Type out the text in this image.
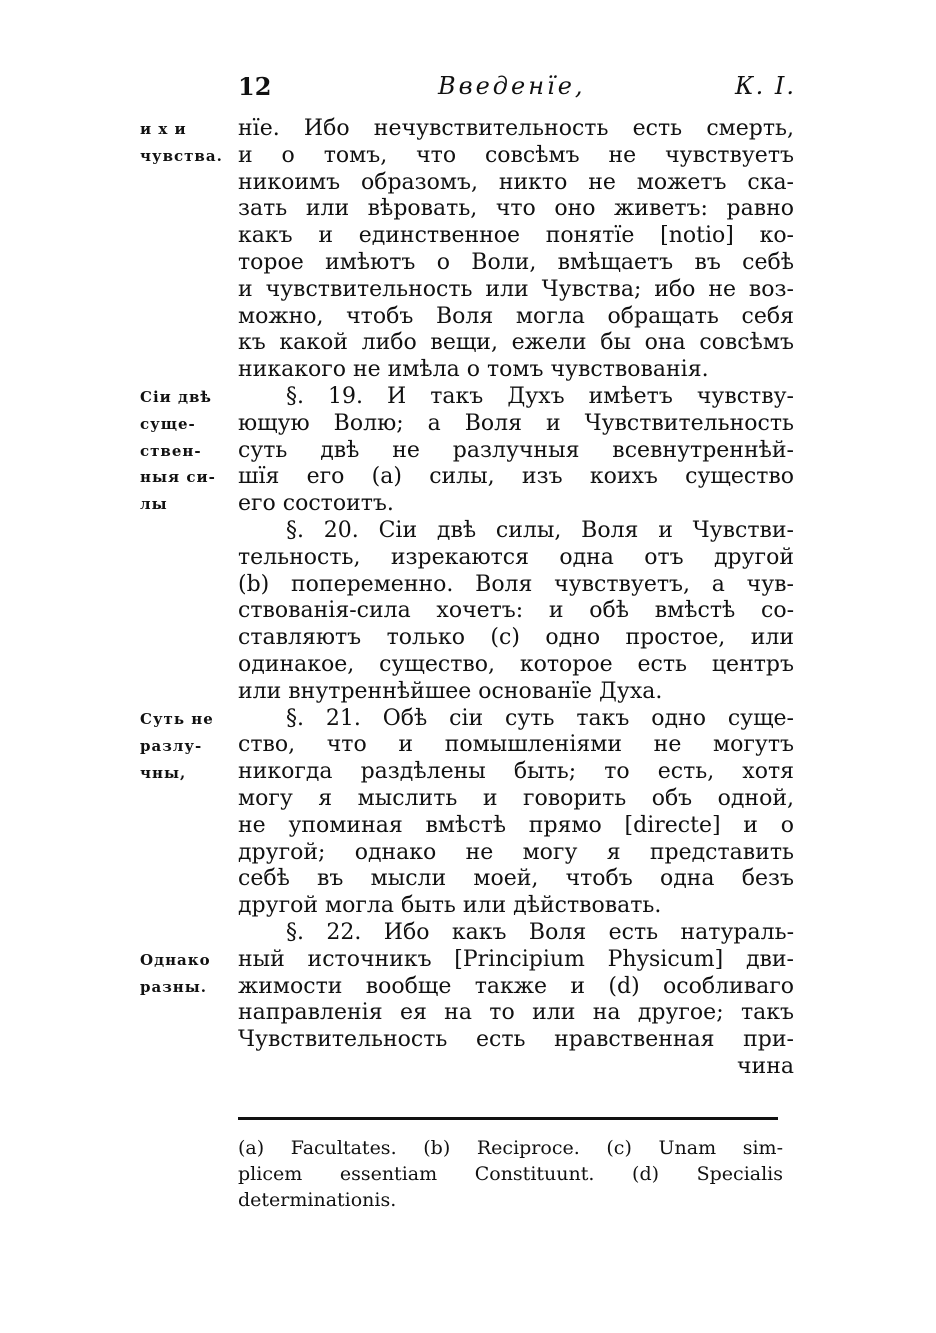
12	Введенїе,	К. I.
и х и
чувства.
Сіи двѣ
суще-
ствен-
ныя си-
лы
Суть не
разлу-
чны,
Однако
разны.
нїе. Ибо нечувствительность есть смерть,
и о томъ, что совсѣмъ не чувствуетъ
никоимъ образомъ, никто не можетъ ска-
зать или вѣровать, что оно живетъ: равно
какъ и единственное понятїе [notio] ко-
торое имѣютъ о Воли, вмѣщаетъ въ себѣ
и чувствительность или Чувства; ибо не воз-
можно, чтобъ Воля могла обращать себя
къ какой либо вещи, ежели бы она совсѣмъ
никакого не имѣла о томъ чувствованія.
§. 19. И такъ Духъ имѣетъ чувству-
ющую Волю; а Воля и Чувствительность
суть двѣ не разлучныя всевнутреннѣй-
шїя его (a) силы, изъ коихъ существо
его состоитъ.
§. 20. Сіи двѣ силы, Воля и Чувстви-
тельность, изрекаются одна отъ другой
(b) попеременно. Воля чувствуетъ, а чув-
ствованія-сила хочетъ: и обѣ вмѣстѣ со-
ставляютъ только (c) одно простое, или
одинакое, существо, которое есть центръ
или внутреннѣйшее основанїе Духа.
§. 21. Обѣ сіи суть такъ одно суще-
ство, что и помышленіями не могутъ
никогда раздѣлены быть; то есть, хотя
могу я мыслить и говорить объ одной,
не упоминая вмѣстѣ прямо [directe] и о
другой; однако не могу я представить
себѣ въ мысли моей, чтобъ одна безъ
другой могла быть или дѣйствовать.
§. 22. Ибо какъ Воля есть натураль-
ный источникъ [Principium Physicum] дви-
жимости вообще также и (d) особливаго
направленія ея на то или на другое; такъ
Чувствительность есть нравственная при-
чина
(a) Facultates. (b) Reciproce. (c) Unam sim-
plicem essentiam Constituunt. (d) Specialis
determinationis.
